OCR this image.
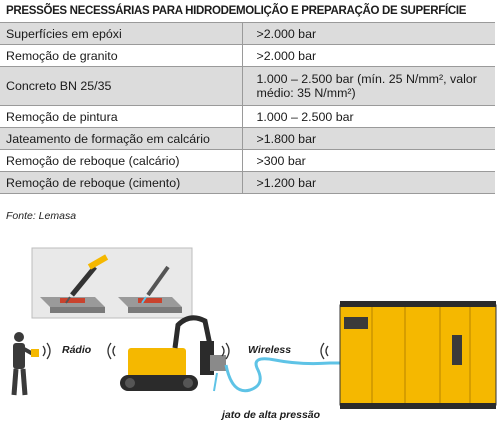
PRESSÕES NECESSÁRIAS PARA HIDRODEMOLIÇÃO E PREPARAÇÃO DE SUPERFÍCIE
Superfícies em epóxi	>2.000 bar
Remoção de granito	>2.000 bar
Concreto BN 25/35	1.000 – 2.500 bar (mín. 25 N/mm², valor médio: 35 N/mm²)
Remoção de pintura	1.000 – 2.500 bar
Jateamento de formação em calcário	>1.800 bar
Remoção de reboque (calcário)	>300 bar
Remoção de reboque (cimento)	>1.200 bar
Fonte: Lemasa
Rádio	Wireless
jato de alta pressão
